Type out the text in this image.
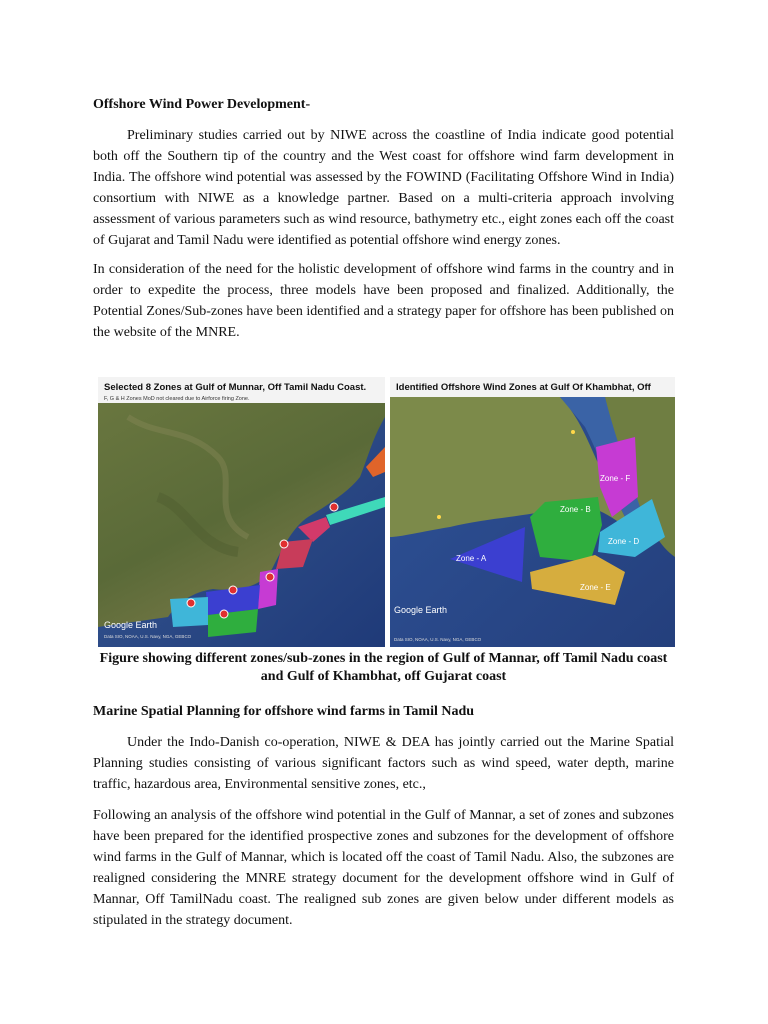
Offshore Wind Power Development-

Preliminary studies carried out by NIWE across the coastline of India indicate good potential both off the Southern tip of the country and the West coast for offshore wind farm development in India. The offshore wind potential was assessed by the FOWIND (Facilitating Offshore Wind in India) consortium with NIWE as a knowledge partner. Based on a multi-criteria approach involving assessment of various parameters such as wind resource, bathymetry etc., eight zones each off the coast of Gujarat and Tamil Nadu were identified as potential offshore wind energy zones.

In consideration of the need for the holistic development of offshore wind farms in the country and in order to expedite the process, three models have been proposed and finalized. Additionally, the Potential Zones/Sub-zones have been identified and a strategy paper for offshore has been published on the website of the MNRE.

Selected 8 Zones at Gulf of Munnar, Off Tamil Nadu Coast.
F, G & H Zones MoD not cleared due to Airforce firing Zone.
Google Earth
Data SIO, NOAA, U.S. Navy, NGA, GEBCO
Identified Offshore Wind Zones at Gulf Of Khambhat, Off
Zone - F
Zone - B
Zone - A
Zone - D
Zone - E
Google Earth
Data SIO, NOAA, U.S. Navy, NGA, GEBCO
Figure showing different zones/sub-zones in the region of Gulf of Mannar, off Tamil Nadu coast and Gulf of Khambhat, off Gujarat coast
Marine Spatial Planning for offshore wind farms in Tamil Nadu

Under the Indo-Danish co-operation, NIWE & DEA has jointly carried out the Marine Spatial Planning studies consisting of various significant factors such as wind speed, water depth, marine traffic, hazardous area, Environmental sensitive zones, etc.,

Following an analysis of the offshore wind potential in the Gulf of Mannar, a set of zones and subzones have been prepared for the identified prospective zones and subzones for the development of offshore wind farms in the Gulf of Mannar, which is located off the coast of Tamil Nadu. Also, the subzones are realigned considering the MNRE strategy document for the development offshore wind in Gulf of Mannar, Off TamilNadu coast. The realigned sub zones are given below under different models as stipulated in the strategy document.
